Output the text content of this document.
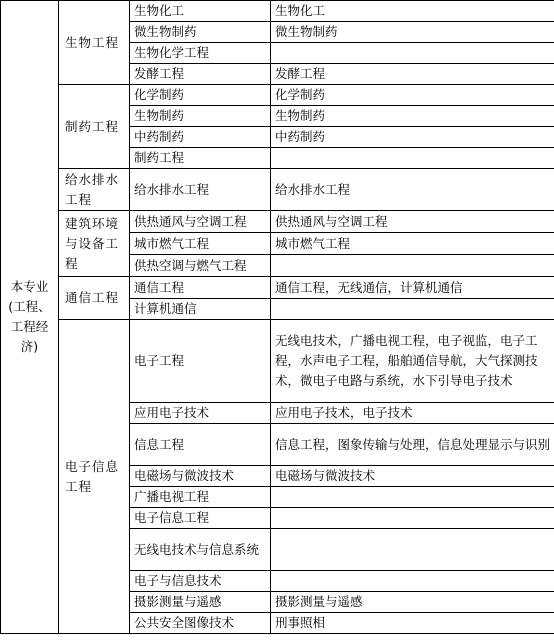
本专业(工程、工程经济)	生物工程	生物化工	生物化工
		微生物制药	微生物制药
		生物化学工程	
		发酵工程	发酵工程
	制药工程	化学制药	化学制药
		生物制药	生物制药
		中药制药	中药制药
		制药工程	
	给水排水工程	给水排水工程	给水排水工程
	建筑环境与设备工程	供热通风与空调工程	供热通风与空调工程
		城市燃气工程	城市燃气工程
		供热空调与燃气工程	
	通信工程	通信工程	通信工程，无线通信，计算机通信
		计算机通信	
	电子信息工程	电子工程	无线电技术，广播电视工程，电子视监，电子工程，水声电子工程，船舶通信导航，大气探测技术，微电子电路与系统，水下引导电子技术
		应用电子技术	应用电子技术，电子技术
		信息工程	信息工程，图象传输与处理，信息处理显示与识别
		电磁场与微波技术	电磁场与微波技术
		广播电视工程	
		电子信息工程	
		无线电技术与信息系统	
		电子与信息技术	
		摄影测量与遥感	摄影测量与遥感
		公共安全图像技术	刑事照相
